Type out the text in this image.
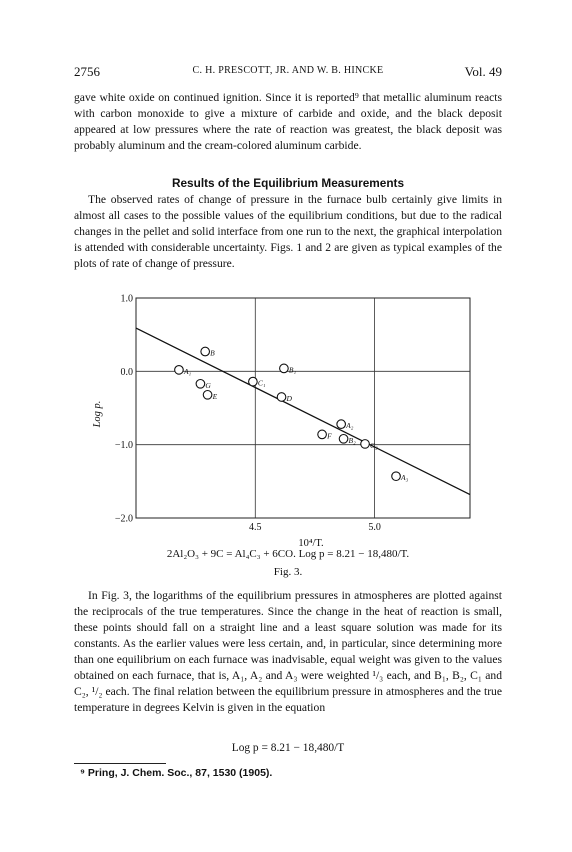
2756	C. H. PRESCOTT, JR. AND W. B. HINCKE	Vol. 49

gave white oxide on continued ignition. Since it is reported⁹ that metallic aluminum reacts with carbon monoxide to give a mixture of carbide and oxide, and the black deposit appeared at low pressures where the rate of reaction was greatest, the black deposit was probably aluminum and the cream-colored aluminum carbide.

Results of the Equilibrium Measurements

The observed rates of change of pressure in the furnace bulb certainly give limits in almost all cases to the possible values of the equilibrium conditions, but due to the radical changes in the pellet and solid interface from one run to the next, the graphical interpolation is attended with considerable uncertainty. Figs. 1 and 2 are given as typical examples of the plots of rate of change of pressure.

1.0
0.0
−1.0
−2.0
4.5	5.0
10⁴/T.
Log p.
A₁
A₂
A₃
B
B₁
B₂
C₁
C₂
D
E
F
G
2Al₂O₃ + 9C = Al₄C₃ + 6CO. Log p = 8.21 − 18,480/T.
Fig. 3.

In Fig. 3, the logarithms of the equilibrium pressures in atmospheres are plotted against the reciprocals of the true temperatures. Since the change in the heat of reaction is small, these points should fall on a straight line and a least square solution was made for its constants. As the earlier values were less certain, and, in particular, since determining more than one equilibrium on each furnace was inadvisable, equal weight was given to the values obtained on each furnace, that is, A₁, A₂ and A₃ were weighted ¹/₃ each, and B₁, B₂, C₁ and C₂, ¹/₂ each. The final relation between the equilibrium pressure in atmospheres and the true temperature in degrees Kelvin is given in the equation

Log p = 8.21 − 18,480/T
⁹ Pring, J. Chem. Soc., 87, 1530 (1905).
